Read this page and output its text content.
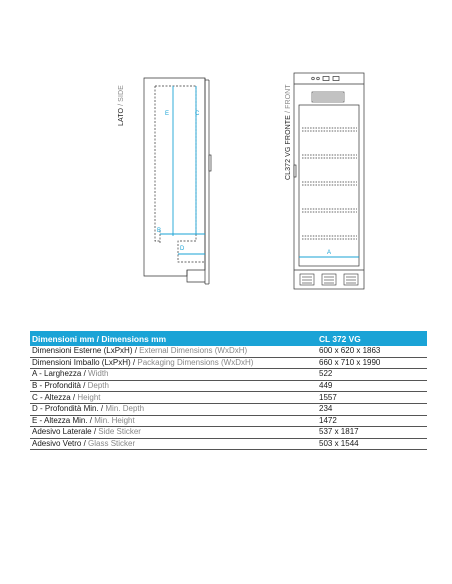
E	C
B
D
A
LATO / SIDE
CL372 VG FRONTE / FRONT
Dimensioni mm / Dimensions mm	CL 372 VG
Dimensioni Esterne (LxPxH) / External Dimensions (WxDxH)	600 x 620 x 1863
Dimensioni Imballo (LxPxH) / Packaging Dimensions (WxDxH)	660 x 710 x 1990
A - Larghezza / Width	522
B - Profondità / Depth	449
C - Altezza / Height	1557
D - Profondità Min. / Min. Depth	234
E - Altezza Min. / Min. Height	1472
Adesivo Laterale / Side Sticker	537 x 1817
Adesivo Vetro / Glass Sticker	503 x 1544
